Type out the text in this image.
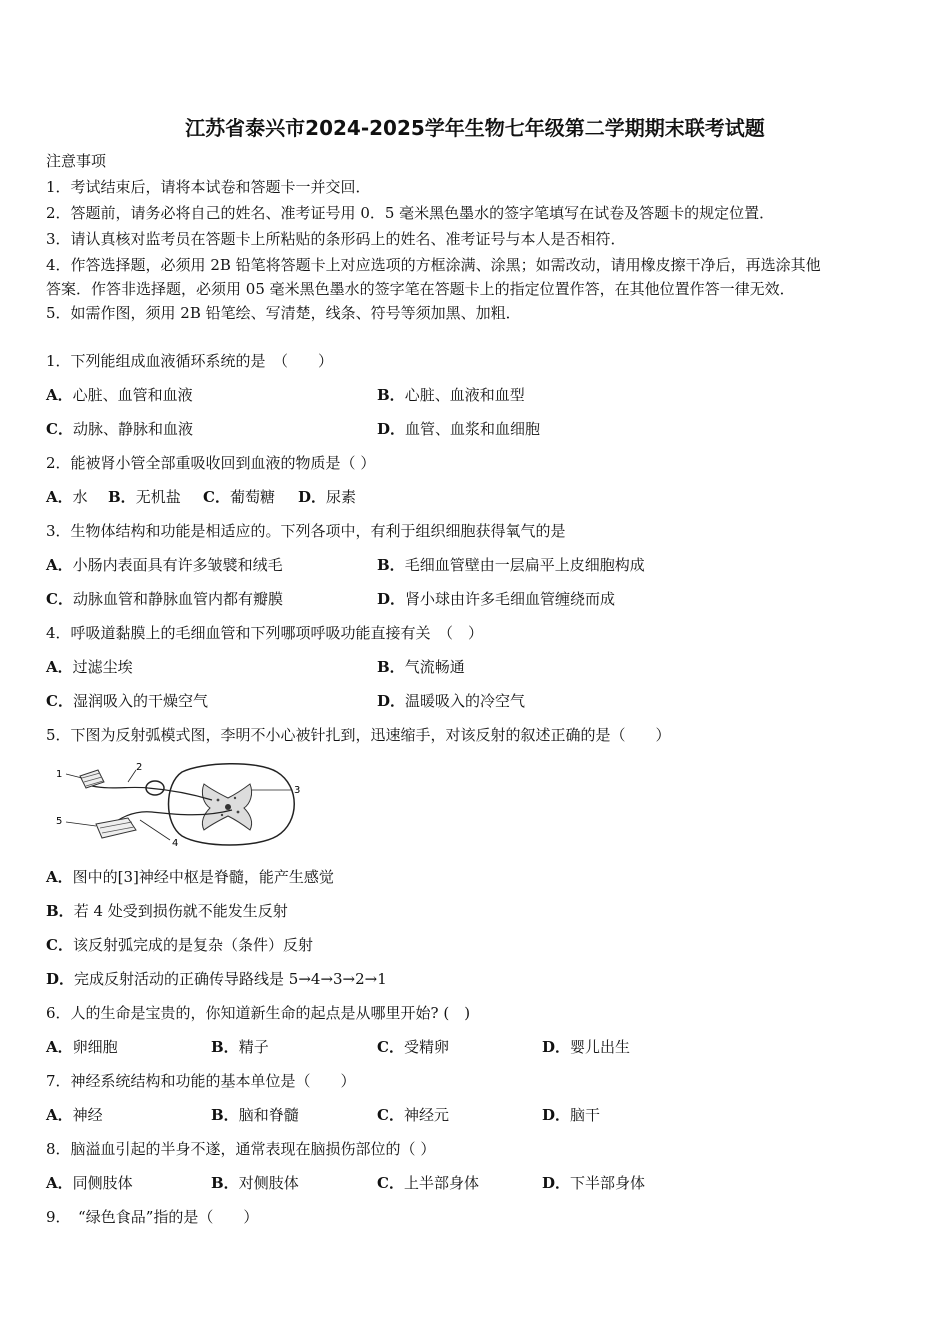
江苏省泰兴市2024-2025学年生物七年级第二学期期末联考试题
注意事项
1．考试结束后，请将本试卷和答题卡一并交回．
2．答题前，请务必将自己的姓名、准考证号用 0．5 毫米黑色墨水的签字笔填写在试卷及答题卡的规定位置．
3．请认真核对监考员在答题卡上所粘贴的条形码上的姓名、准考证号与本人是否相符．
4．作答选择题，必须用 2B 铅笔将答题卡上对应选项的方框涂满、涂黑；如需改动，请用橡皮擦干净后，再选涂其他
答案．作答非选择题，必须用 05 毫米黑色墨水的签字笔在答题卡上的指定位置作答，在其他位置作答一律无效．
5．如需作图，须用 2B 铅笔绘、写清楚，线条、符号等须加黑、加粗．
1．下列能组成血液循环系统的是　（　　）
A．心脏、血管和血液	B．心脏、血液和血型
C．动脉、静脉和血液	D．血管、血浆和血细胞
2．能被肾小管全部重吸收回到血液的物质是（ ）
A．水 B．无机盐 C．葡萄糖 D．尿素
3．生物体结构和功能是相适应的。下列各项中，有利于组织细胞获得氧气的是
A．小肠内表面具有许多皱襞和绒毛	B．毛细血管壁由一层扁平上皮细胞构成
C．动脉血管和静脉血管内都有瓣膜	D．肾小球由许多毛细血管缠绕而成
4．呼吸道黏膜上的毛细血管和下列哪项呼吸功能直接有关　（　）
A．过滤尘埃	B．气流畅通
C．湿润吸入的干燥空气	D．温暖吸入的冷空气
5．下图为反射弧模式图，李明不小心被针扎到，迅速缩手，对该反射的叙述正确的是（　　）
1
2
3
4
5
A．图中的[3]神经中枢是脊髓，能产生感觉
B．若 4 处受到损伤就不能发生反射
C．该反射弧完成的是复杂（条件）反射
D．完成反射活动的正确传导路线是 5→4→3→2→1
6．人的生命是宝贵的，你知道新生命的起点是从哪里开始? (　)
A．卵细胞	B．精子	C．受精卵	D．婴儿出生
7．神经系统结构和功能的基本单位是（　　）
A．神经	B．脑和脊髓	C．神经元	D．脑干
8．脑溢血引起的半身不遂，通常表现在脑损伤部位的（ ）
A．同侧肢体	B．对侧肢体	C．上半部身体	D．下半部身体
9．　“绿色食品”指的是（　　）
